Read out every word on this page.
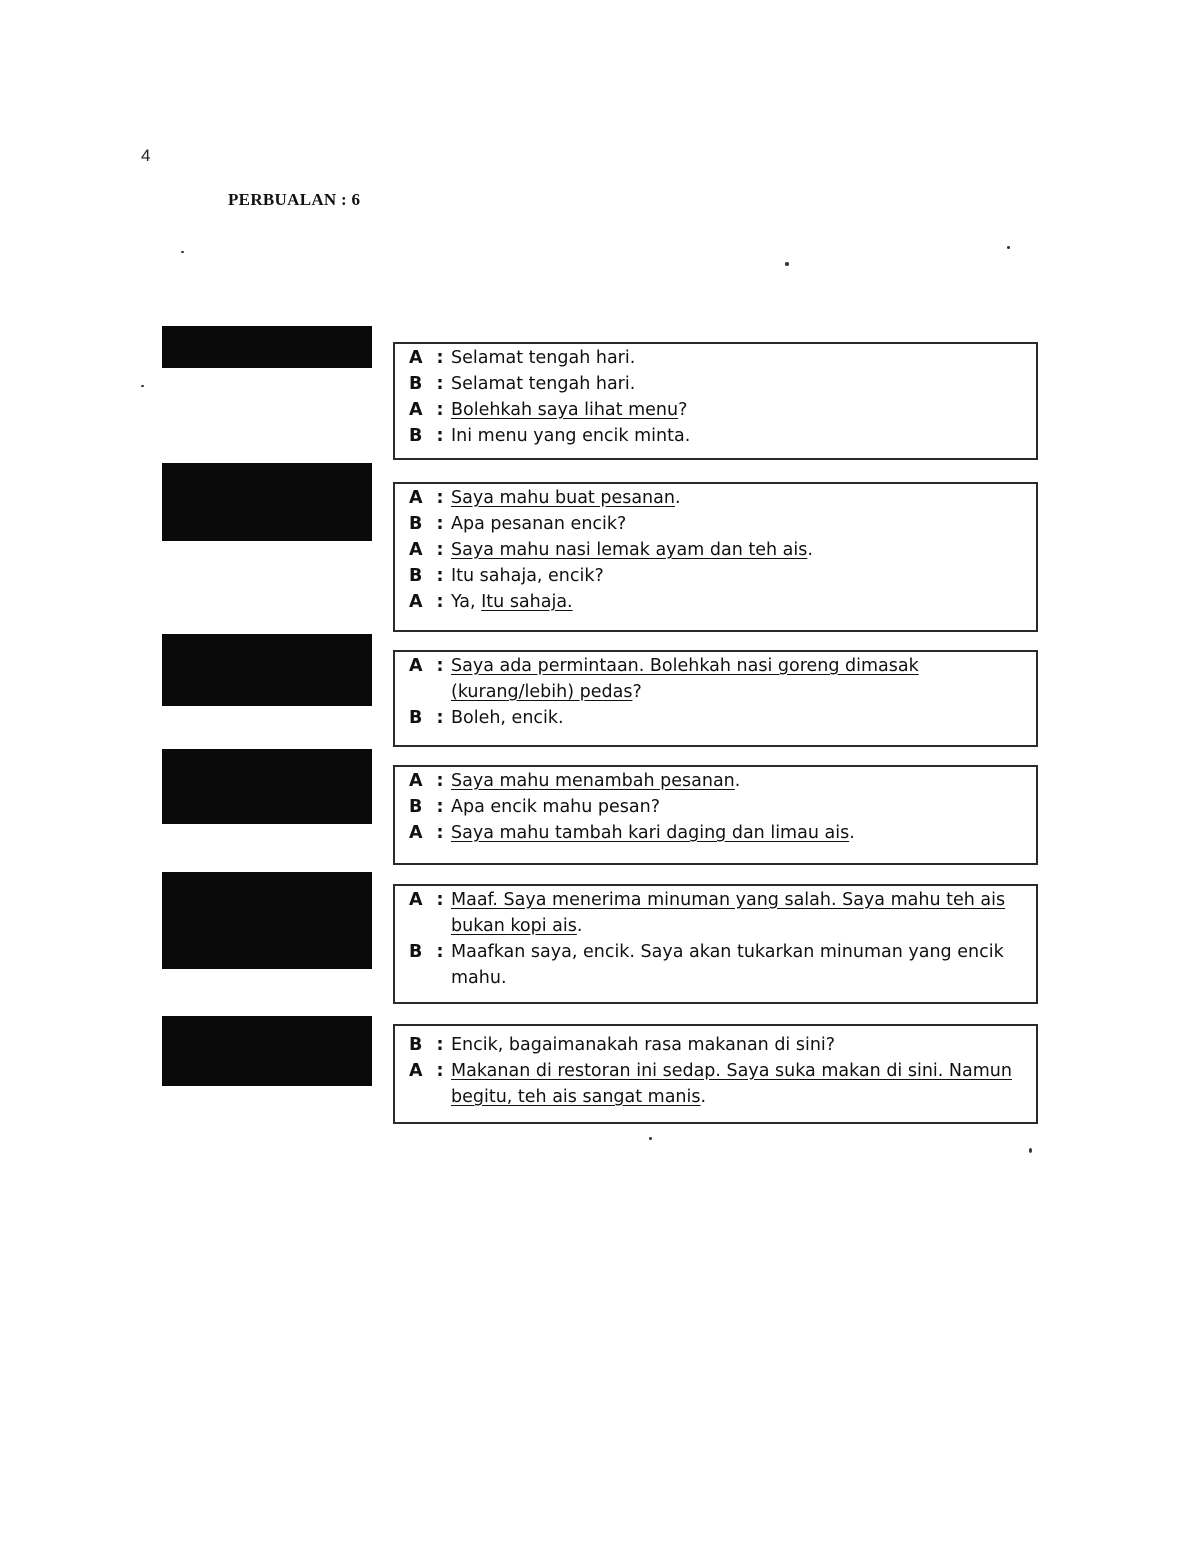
4
PERBUALAN : 6
A : Selamat tengah hari.
B : Selamat tengah hari.
A : Bolehkah saya lihat menu?
B : Ini menu yang encik minta.
A : Saya mahu buat pesanan.
B : Apa pesanan encik?
A : Saya mahu nasi lemak ayam dan teh ais.
B : Itu sahaja, encik?
A : Ya, Itu sahaja.
A : Saya ada permintaan. Bolehkah nasi goreng dimasak (kurang/lebih) pedas?
B : Boleh, encik.
A : Saya mahu menambah pesanan.
B : Apa encik mahu pesan?
A : Saya mahu tambah kari daging dan limau ais.
A : Maaf. Saya menerima minuman yang salah. Saya mahu teh ais bukan kopi ais.
B : Maafkan saya, encik. Saya akan tukarkan minuman yang encik mahu.
B : Encik, bagaimanakah rasa makanan di sini?
A : Makanan di restoran ini sedap. Saya suka makan di sini. Namun begitu, teh ais sangat manis.
